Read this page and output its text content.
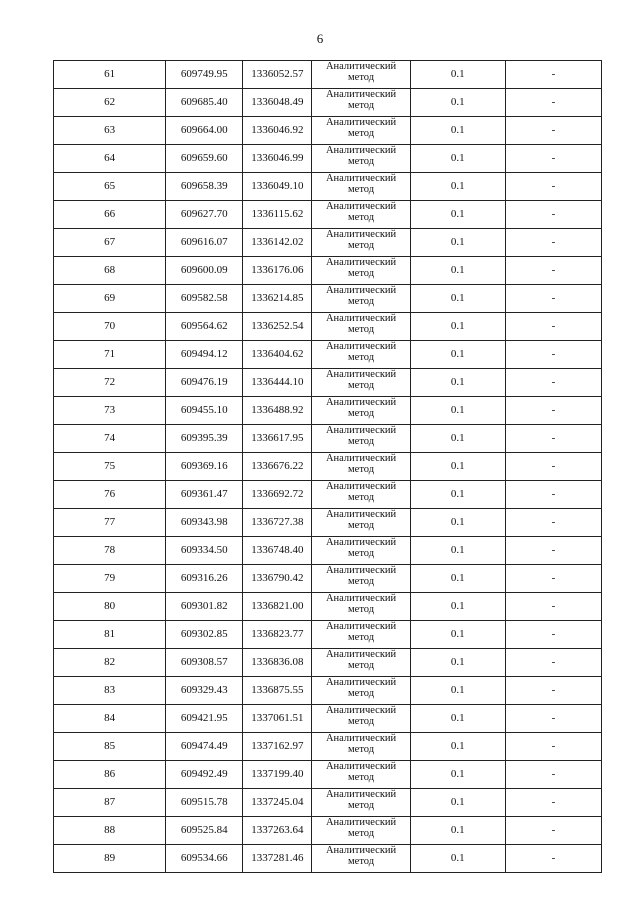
6
61	609749.95	1336052.57	Аналитический метод	0.1	-
62	609685.40	1336048.49	Аналитический метод	0.1	-
63	609664.00	1336046.92	Аналитический метод	0.1	-
64	609659.60	1336046.99	Аналитический метод	0.1	-
65	609658.39	1336049.10	Аналитический метод	0.1	-
66	609627.70	1336115.62	Аналитический метод	0.1	-
67	609616.07	1336142.02	Аналитический метод	0.1	-
68	609600.09	1336176.06	Аналитический метод	0.1	-
69	609582.58	1336214.85	Аналитический метод	0.1	-
70	609564.62	1336252.54	Аналитический метод	0.1	-
71	609494.12	1336404.62	Аналитический метод	0.1	-
72	609476.19	1336444.10	Аналитический метод	0.1	-
73	609455.10	1336488.92	Аналитический метод	0.1	-
74	609395.39	1336617.95	Аналитический метод	0.1	-
75	609369.16	1336676.22	Аналитический метод	0.1	-
76	609361.47	1336692.72	Аналитический метод	0.1	-
77	609343.98	1336727.38	Аналитический метод	0.1	-
78	609334.50	1336748.40	Аналитический метод	0.1	-
79	609316.26	1336790.42	Аналитический метод	0.1	-
80	609301.82	1336821.00	Аналитический метод	0.1	-
81	609302.85	1336823.77	Аналитический метод	0.1	-
82	609308.57	1336836.08	Аналитический метод	0.1	-
83	609329.43	1336875.55	Аналитический метод	0.1	-
84	609421.95	1337061.51	Аналитический метод	0.1	-
85	609474.49	1337162.97	Аналитический метод	0.1	-
86	609492.49	1337199.40	Аналитический метод	0.1	-
87	609515.78	1337245.04	Аналитический метод	0.1	-
88	609525.84	1337263.64	Аналитический метод	0.1	-
89	609534.66	1337281.46	Аналитический метод	0.1	-
